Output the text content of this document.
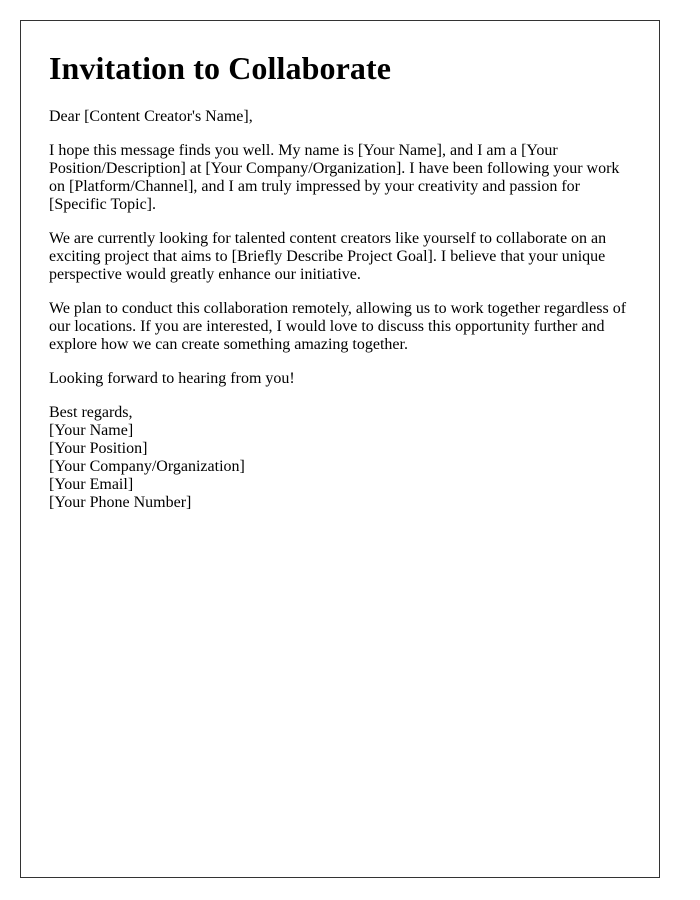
Invitation to Collaborate

Dear [Content Creator's Name],

I hope this message finds you well. My name is [Your Name], and I am a [Your Position/Description] at [Your Company/Organization]. I have been following your work on [Platform/Channel], and I am truly impressed by your creativity and passion for [Specific Topic].

We are currently looking for talented content creators like yourself to collaborate on an exciting project that aims to [Briefly Describe Project Goal]. I believe that your unique perspective would greatly enhance our initiative.

We plan to conduct this collaboration remotely, allowing us to work together regardless of our locations. If you are interested, I would love to discuss this opportunity further and explore how we can create something amazing together.

Looking forward to hearing from you!

Best regards,
[Your Name]
[Your Position]
[Your Company/Organization]
[Your Email]
[Your Phone Number]
